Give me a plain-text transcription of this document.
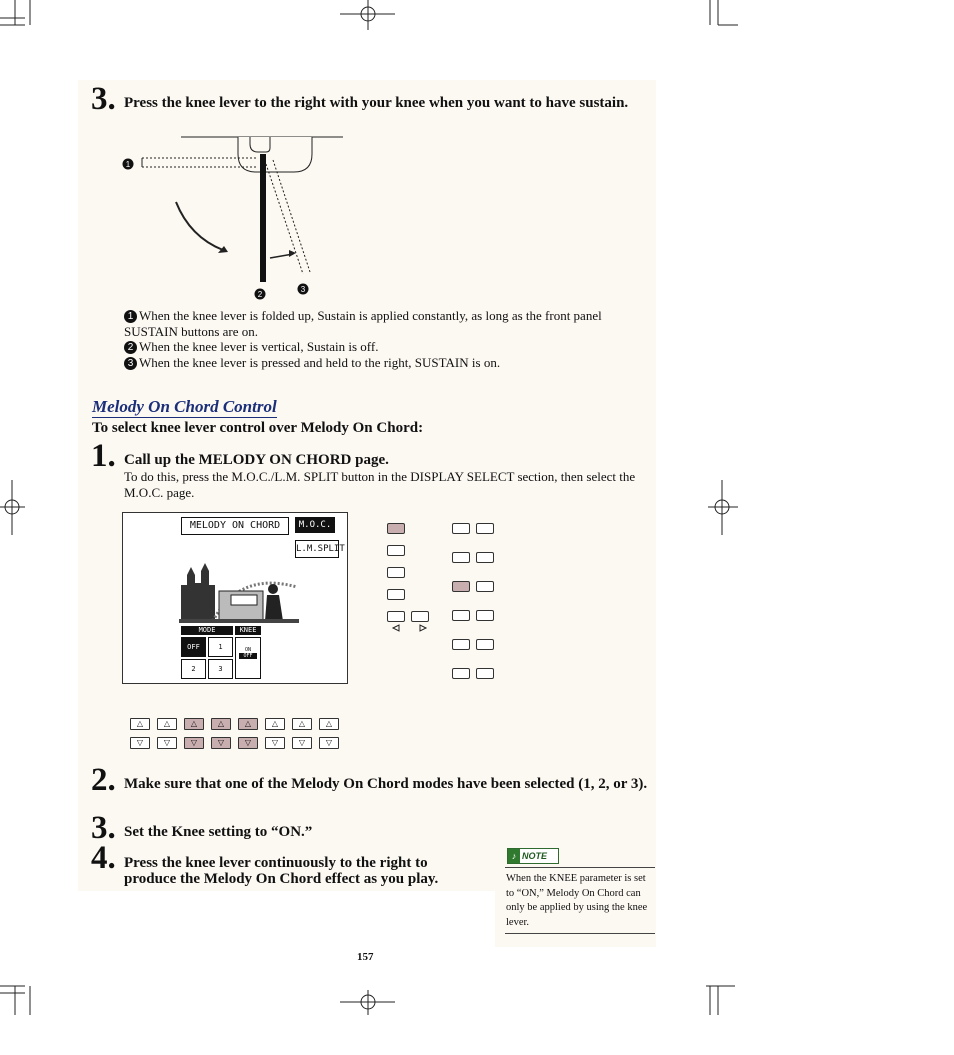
3. Press the knee lever to the right with your knee when you want to have sustain.
1
2
3
1 When the knee lever is folded up, Sustain is applied constantly, as long as the front panel SUSTAIN buttons are on.
2 When the knee lever is vertical, Sustain is off.
3 When the knee lever is pressed and held to the right, SUSTAIN is on.
Melody On Chord Control
To select knee lever control over Melody On Chord:
1. Call up the MELODY ON CHORD page.
To do this, press the M.O.C./L.M. SPLIT button in the DISPLAY SELECT section, then select the M.O.C. page.
MELODY ON CHORD	M.O.C.
L.M.SPLIT
MODE	KNEE
OFF	1
2	3
ON
OFF
△	△	△	△	△	△	△	△
▽	▽	▽	▽	▽	▽	▽	▽
2. Make sure that one of the Melody On Chord modes have been selected (1, 2, or 3).
3. Set the Knee setting to “ON.”
4. Press the knee lever continuously to the right to produce the Melody On Chord effect as you play.
♪ NOTE
When the KNEE parameter is set to “ON,” Melody On Chord can only be applied by using the knee lever.
157
